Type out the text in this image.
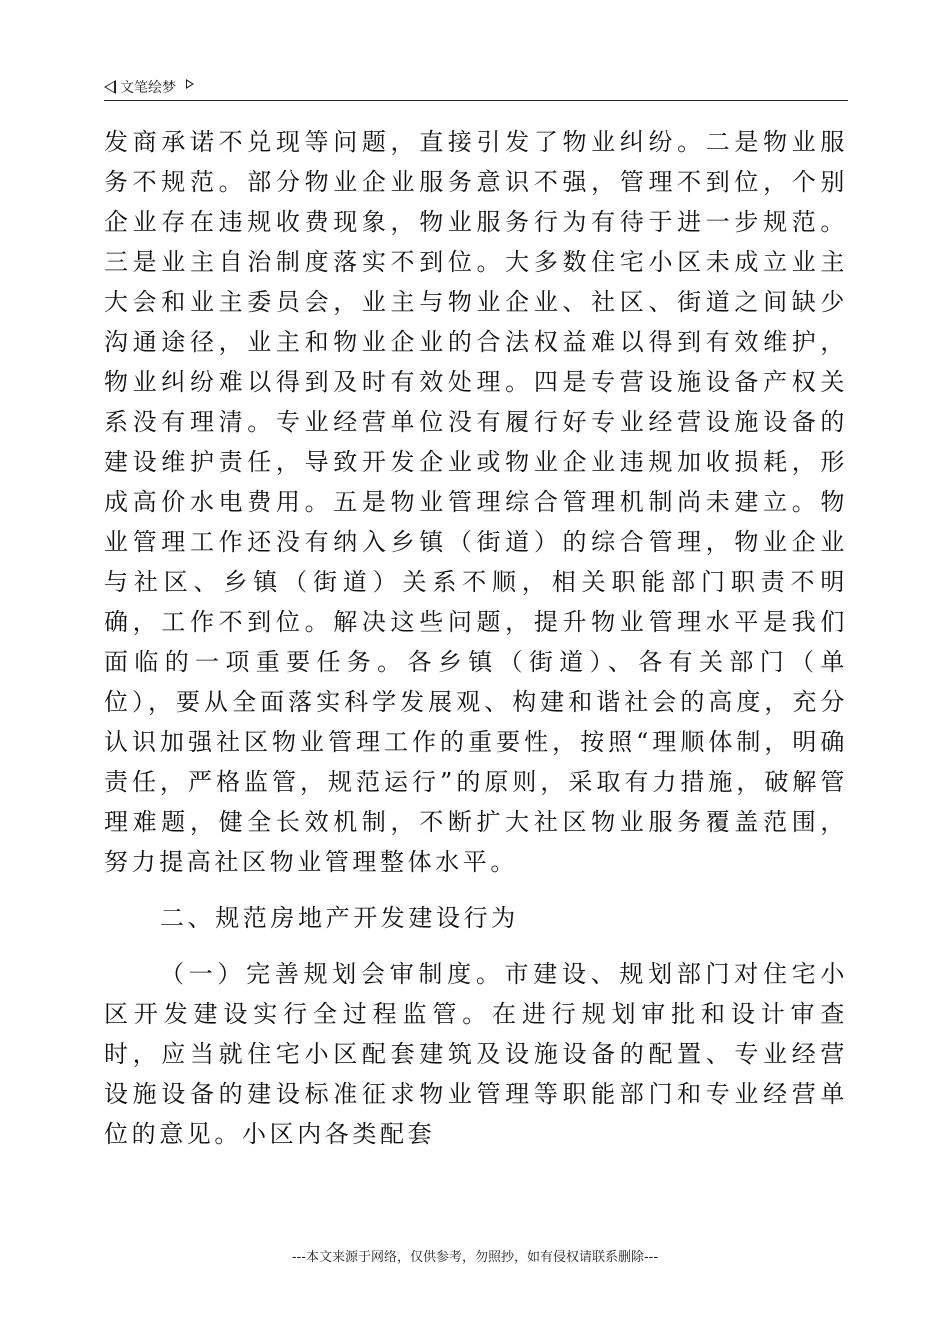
文笔绘梦

发商承诺不兑现等问题，直接引发了物业纠纷。二是物业服务不规范。部分物业企业服务意识不强，管理不到位，个别企业存在违规收费现象，物业服务行为有待于进一步规范。三是业主自治制度落实不到位。大多数住宅小区未成立业主大会和业主委员会，业主与物业企业、社区、街道之间缺少沟通途径，业主和物业企业的合法权益难以得到有效维护，物业纠纷难以得到及时有效处理。四是专营设施设备产权关系没有理清。专业经营单位没有履行好专业经营设施设备的建设维护责任，导致开发企业或物业企业违规加收损耗，形成高价水电费用。五是物业管理综合管理机制尚未建立。物业管理工作还没有纳入乡镇（街道）的综合管理，物业企业与社区、乡镇（街道）关系不顺，相关职能部门职责不明确，工作不到位。解决这些问题，提升物业管理水平是我们面临的一项重要任务。各乡镇（街道）、各有关部门（单位），要从全面落实科学发展观、构建和谐社会的高度，充分认识加强社区物业管理工作的重要性，按照“理顺体制，明确责任，严格监管，规范运行”的原则，采取有力措施，破解管理难题，健全长效机制，不断扩大社区物业服务覆盖范围，努力提高社区物业管理整体水平。

二、规范房地产开发建设行为

（一）完善规划会审制度。市建设、规划部门对住宅小区开发建设实行全过程监管。在进行规划审批和设计审查时，应当就住宅小区配套建筑及设施设备的配置、专业经营设施设备的建设标准征求物业管理等职能部门和专业经营单位的意见。小区内各类配套

---本文来源于网络，仅供参考，勿照抄，如有侵权请联系删除---
